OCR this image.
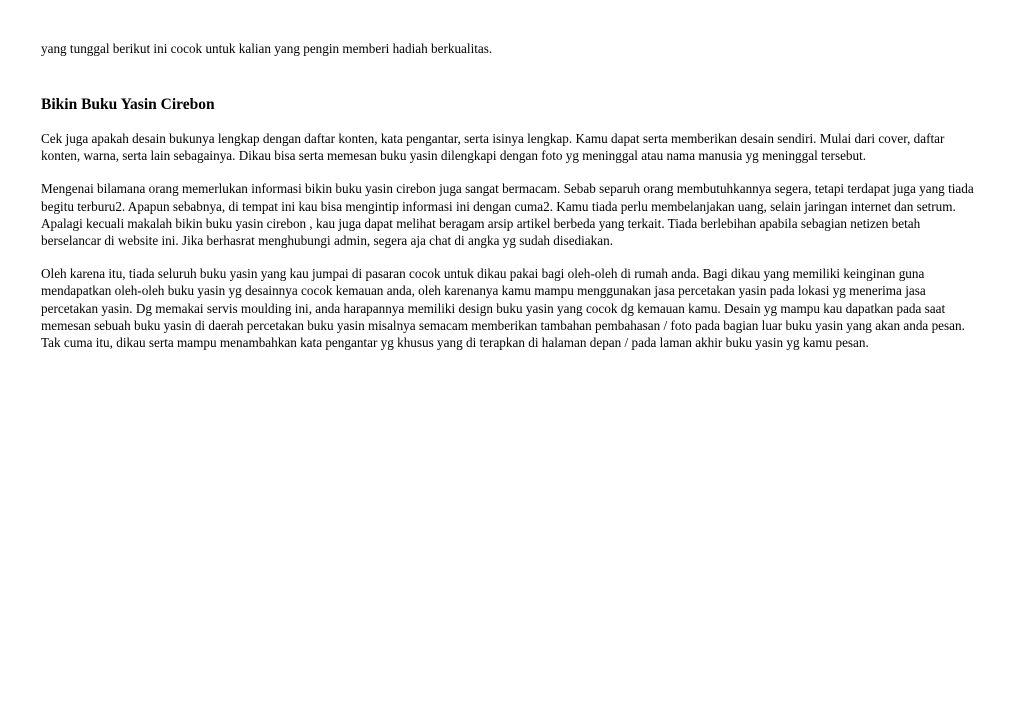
yang tunggal berikut ini cocok untuk kalian yang pengin memberi hadiah berkualitas.

Bikin Buku Yasin Cirebon

Cek juga apakah desain bukunya lengkap dengan daftar konten, kata pengantar, serta isinya lengkap. Kamu dapat serta memberikan desain sendiri. Mulai dari cover, daftar konten, warna, serta lain sebagainya. Dikau bisa serta memesan buku yasin dilengkapi dengan foto yg meninggal atau nama manusia yg meninggal tersebut.

Mengenai bilamana orang memerlukan informasi bikin buku yasin cirebon juga sangat bermacam. Sebab separuh orang membutuhkannya segera, tetapi terdapat juga yang tiada begitu terburu2. Apapun sebabnya, di tempat ini kau bisa mengintip informasi ini dengan cuma2. Kamu tiada perlu membelanjakan uang, selain jaringan internet dan setrum. Apalagi kecuali makalah bikin buku yasin cirebon , kau juga dapat melihat beragam arsip artikel berbeda yang terkait. Tiada berlebihan apabila sebagian netizen betah berselancar di website ini. Jika berhasrat menghubungi admin, segera aja chat di angka yg sudah disediakan.

Oleh karena itu, tiada seluruh buku yasin yang kau jumpai di pasaran cocok untuk dikau pakai bagi oleh-oleh di rumah anda. Bagi dikau yang memiliki keinginan guna mendapatkan oleh-oleh buku yasin yg desainnya cocok kemauan anda, oleh karenanya kamu mampu menggunakan jasa percetakan yasin pada lokasi yg menerima jasa percetakan yasin. Dg memakai servis moulding ini, anda harapannya memiliki design buku yasin yang cocok dg kemauan kamu. Desain yg mampu kau dapatkan pada saat memesan sebuah buku yasin di daerah percetakan buku yasin misalnya semacam memberikan tambahan pembahasan / foto pada bagian luar buku yasin yang akan anda pesan. Tak cuma itu, dikau serta mampu menambahkan kata pengantar yg khusus yang di terapkan di halaman depan / pada laman akhir buku yasin yg kamu pesan.
